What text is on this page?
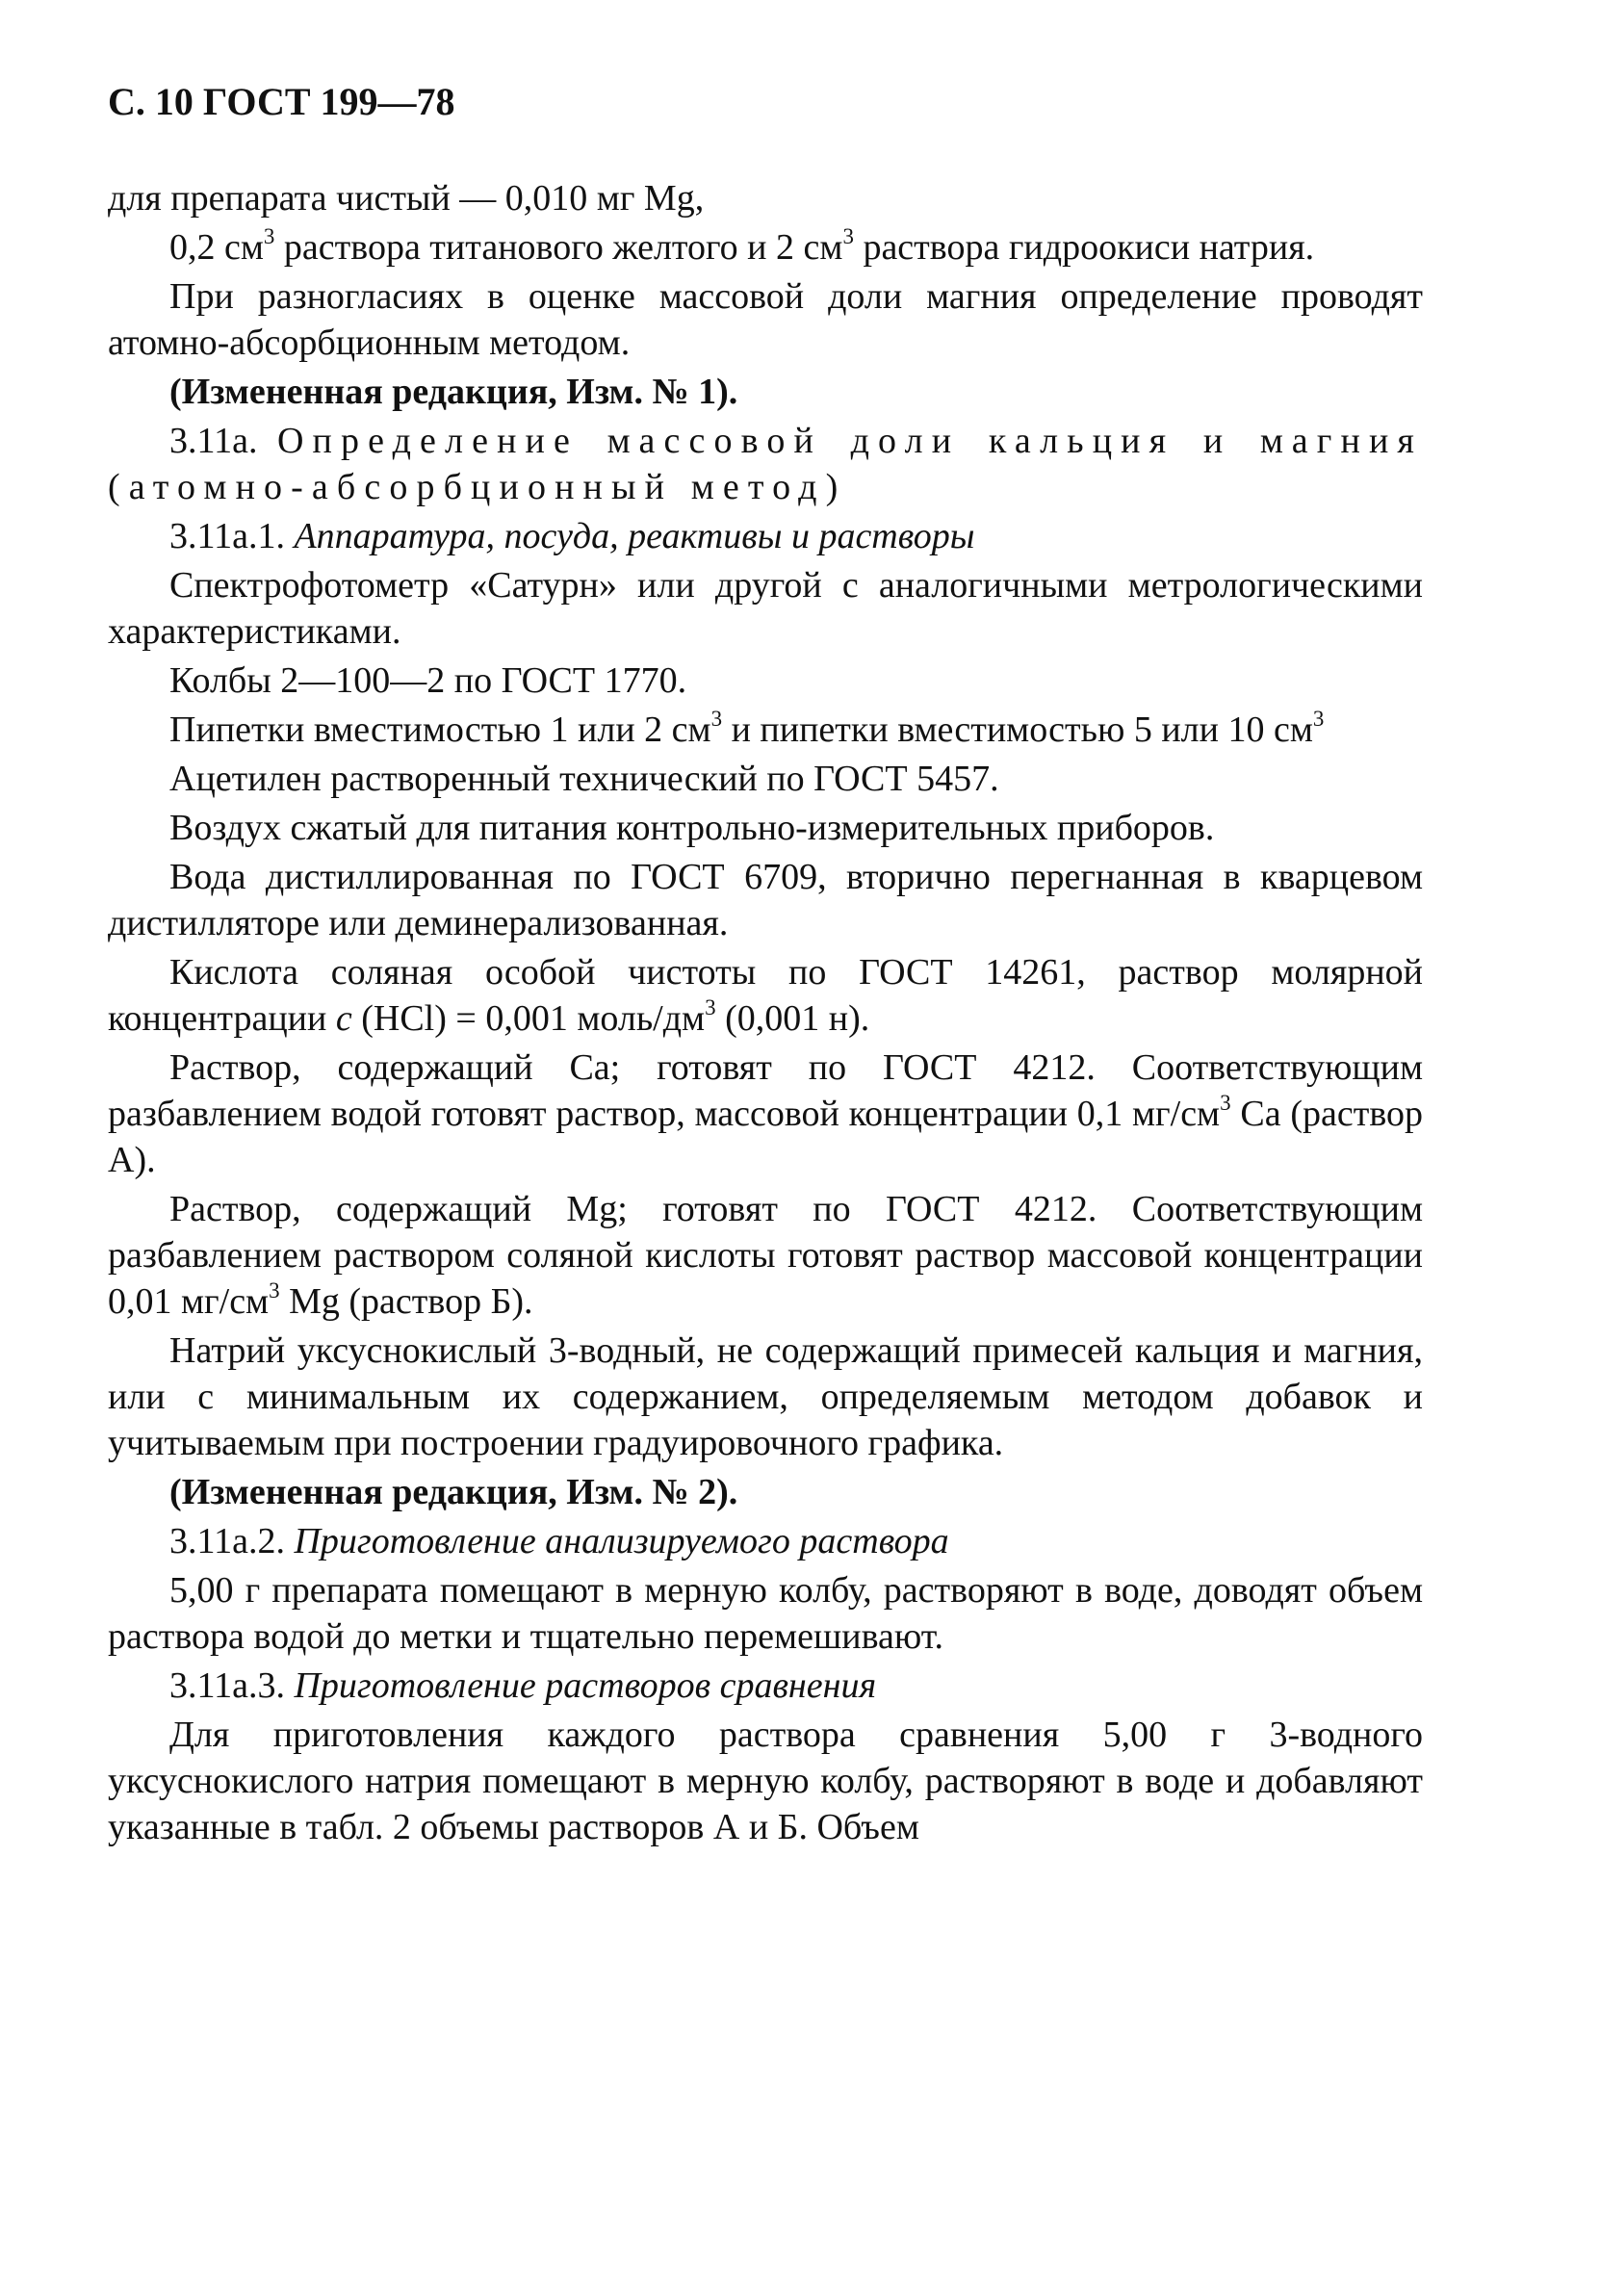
С. 10 ГОСТ 199—78

для препарата чистый — 0,010 мг Mg,

0,2 $см^3$ раствора титанового желтого и 2 $см^3$ раствора гидроокиси натрия.

При разногласиях в оценке массовой доли магния определение проводят атомно-абсорбционным методом.

(Измененная редакция, Изм. № 1).

3.11а. Определение массовой доли кальция и магния (атомно-абсорбционный метод)

3.11а.1. Аппаратура, посуда, реактивы и растворы

Спектрофотометр «Сатурн» или другой с аналогичными метрологическими характеристиками.

Колбы 2—100—2 по ГОСТ 1770.

Пипетки вместимостью 1 или 2 $см^3$ и пипетки вместимостью 5 или 10 $см^3$

Ацетилен растворенный технический по ГОСТ 5457.

Воздух сжатый для питания контрольно-измерительных приборов.

Вода дистиллированная по ГОСТ 6709, вторично перегнанная в кварцевом дистилляторе или деминерализованная.

Кислота соляная особой чистоты по ГОСТ 14261, раствор молярной концентрации c (HCl) = 0,001 моль/$дм^3$ (0,001 н).

Раствор, содержащий Са; готовят по ГОСТ 4212. Соответствующим разбавлением водой готовят раствор, массовой концентрации 0,1 $мг/см^3$ Са (раствор А).

Раствор, содержащий Mg; готовят по ГОСТ 4212. Соответствующим разбавлением раствором соляной кислоты готовят раствор массовой концентрации 0,01 $мг/см^3$ Mg (раствор Б).

Натрий уксуснокислый 3-водный, не содержащий примесей кальция и магния, или с минимальным их содержанием, определяемым методом добавок и учитываемым при построении градуировочного графика.

(Измененная редакция, Изм. № 2).

3.11а.2. Приготовление анализируемого раствора

5,00 г препарата помещают в мерную колбу, растворяют в воде, доводят объем раствора водой до метки и тщательно перемешивают.

3.11а.3. Приготовление растворов сравнения

Для приготовления каждого раствора сравнения 5,00 г 3-водного уксуснокислого натрия помещают в мерную колбу, растворяют в воде и добавляют указанные в табл. 2 объемы растворов А и Б. Объем
